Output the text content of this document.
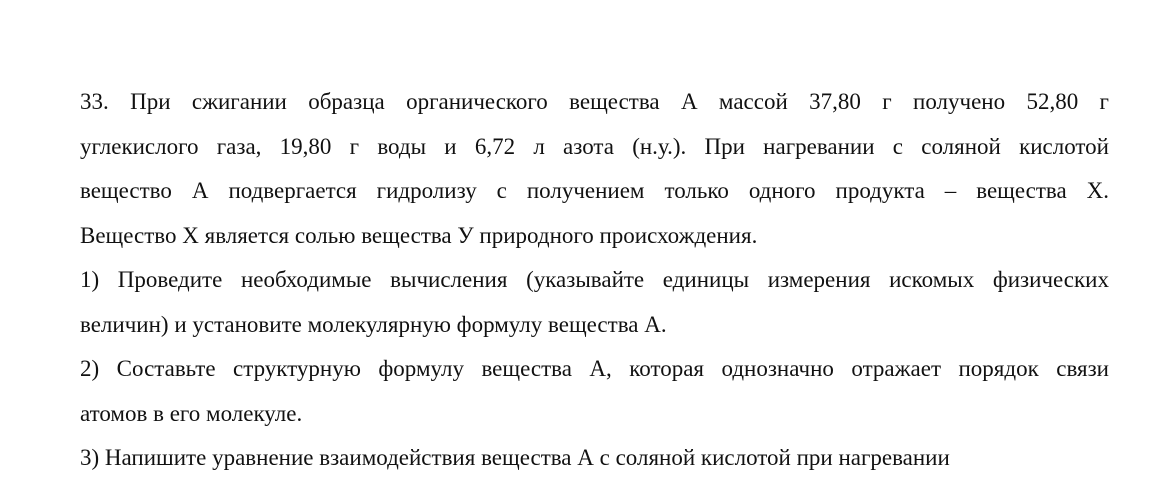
33. При сжигании образца органического вещества А массой 37,80 г получено 52,80 г
углекислого газа, 19,80 г воды и 6,72 л азота (н.у.). При нагревании с соляной кислотой
вещество А подвергается гидролизу с получением только одного продукта – вещества Х.
Вещество Х является солью вещества У природного происхождения.
1) Проведите необходимые вычисления (указывайте единицы измерения искомых физических
величин) и установите молекулярную формулу вещества А.
2) Составьте структурную формулу вещества А, которая однозначно отражает порядок связи
атомов в его молекуле.
3) Напишите уравнение взаимодействия вещества А с соляной кислотой при нагревании
